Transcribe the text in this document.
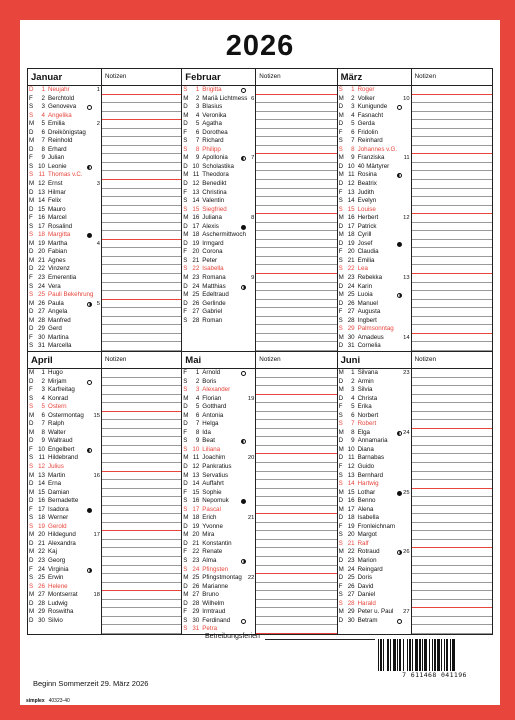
2026
Januar	Notizen
D	1 Neujahr	1
F	2 Berchtold
S	3 Genoveva
S	4 Angelika
M	5 Emilia	2
D	6 Dreikönigstag
M	7 Reinhold
D	8 Erhard
F	9 Julian
S 10 Leonie
S 11 Thomas v.C.
M 12 Ernst	3
D 13 Hilmar
M 14 Felix
D 15 Mauro
F 16 Marcel
S 17 Rosalind
S 18 Margitta
M 19 Martha	4
D 20 Fabian
M 21 Agnes
D 22 Vinzenz
F 23 Emerentia
S 24 Vera
S 25 Pauli Bekehrung
M 26 Paula	5
D 27 Angela
M 28 Manfred
D 29 Gerd
F 30 Martina
S 31 Marcella
Februar	Notizen
S	1 Brigitta
M	2 Mariä Lichtmess 6
D	3 Blasius
M	4 Veronika
D	5 Agatha
F	6 Dorothea
S	7 Richard
S	8 Philipp
M	9 Apollonia	7
D 10 Scholastika
M 11 Theodora
D 12 Benedikt
F 13 Christina
S 14 Valentin
S 15 Siegfried
M 16 Juliana	8
D 17 Alexis
M 18 Aschermittwoch
D 19 Irmgard
F 20 Corona
S 21 Peter
S 22 Isabella
M 23 Romana	9
D 24 Matthias
M 25 Edeltraud
D 26 Gerlinde
F 27 Gabriel
S 28 Roman
März	Notizen
S	1 Roger
M	2 Volker	10
D	3 Kunigunde
M	4 Fasnacht
D	5 Gerda
F	6 Fridolin
S	7 Reinhard
S	8 Johannes v.G.
M	9 Franziska	11
D 10 40 Märtyrer
M 11 Rosina
D 12 Beatrix
F 13 Judith
S 14 Evelyn
S 15 Louise
M 16 Herbert	12
D 17 Patrick
M 18 Cyrill
D 19 Josef
F 20 Claudia
S 21 Emilia
S 22 Lea
M 23 Rebekka	13
D 24 Karin
M 25 Luoia
D 26 Manuel
F 27 Augusta
S 28 Ingbert
S 29 Palmsonntag
M 30 Amadeus	14
D 31 Cornelia
April	Notizen
M	1 Hugo
D	2 Mirjam
F	3 Karfreitag
S	4 Konrad
S	5 Ostern
M	6 Ostermontag 15
D	7 Ralph
M	8 Walter
D	9 Waltraud
F 10 Engelbert
S 11 Hildebrand
S 12 Julius
M 13 Martin	16
D 14 Erna
M 15 Damian
D 16 Bernadette
F 17 Isadora
S 18 Werner
S 19 Gerold
M 20 Hildegund	17
D 21 Alexandra
M 22 Kaj
D 23 Georg
F 24 Virginia
S 25 Erwin
S 26 Helene
M 27 Montserrat	18
D 28 Ludwig
M 29 Roswitha
D 30 Silvio
Mai	Notizen
F	1 Arnold
S	2 Boris
S	3 Alexander
M	4 Florian	19
D	5 Gotthard
M	6 Antonia
D	7 Helga
F	8 Ida
S	9 Beat
S 10 Liliana
M 11 Joachim	20
D 12 Pankratius
M 13 Servatius
D 14 Auffahrt
F 15 Sophie
S 16 Nepomuk
S 17 Pascal
M 18 Erich	21
D 19 Yvonne
M 20 Mira
D 21 Konstantin
F 22 Renate
S 23 Alma
S 24 Pfingsten
M 25 Pfingstmontag 22
D 26 Marianne
M 27 Bruno
D 28 Wilhelm
F 29 Irmtraud
S 30 Ferdinand
S 31 Petra
Juni	Notizen
M	1 Silvana	23
D	2 Armin
M	3 Silvia
D	4 Christa
F	5 Erika
S	6 Norbert
S	7 Robert
M	8 Elga	24
D	9 Annamaria
M 10 Diana
D 11 Barnabas
F 12 Guido
S 13 Bernhard
S 14 Hartwig
M 15 Lothar	25
D 16 Benno
M 17 Alena
D 18 Isabella
F 19 Fronleichnam
S 20 Margot
S 21 Ralf
M 22 Rotraud	26
D 23 Marion
M 24 Reingard
D 25 Doris
F 26 David
S 27 Daniel
S 28 Harald
M 29 Peter u. Paul 27
D 30 Betram
Betreibungsferien
Beginn Sommerzeit 29. März 2026
simplex 40323-40
7 611468 041196
